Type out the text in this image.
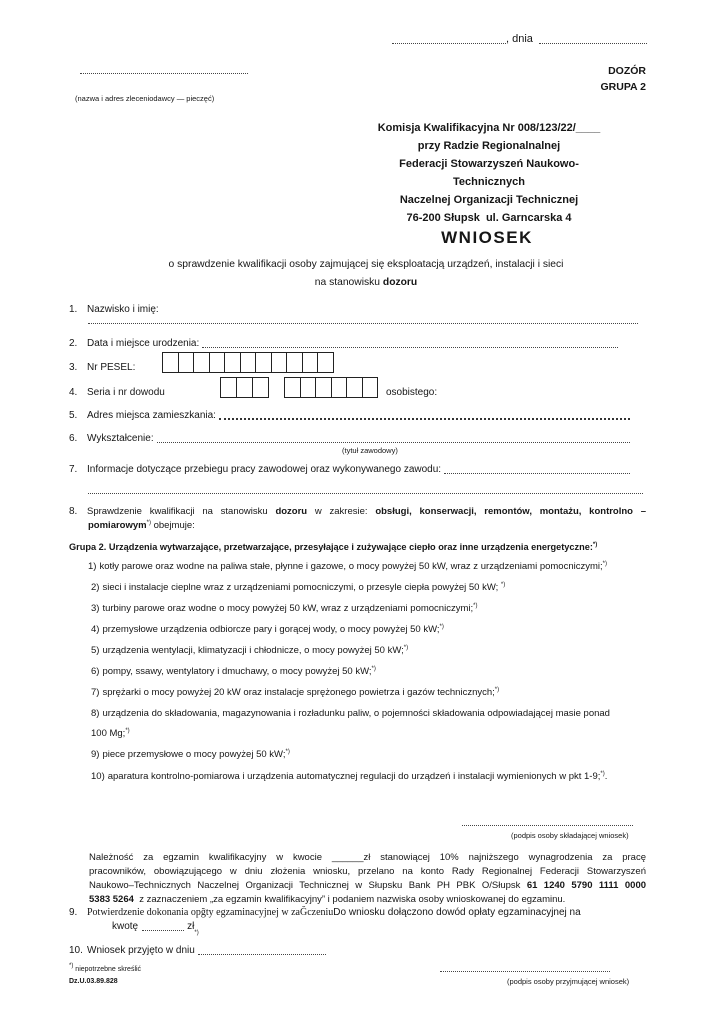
, dnia
(nazwa i adres zleceniodawcy — pieczęć)
DOZÓR
GRUPA 2
Komisja Kwalifikacyjna Nr 008/123/22/____
przy Radzie Regionalnalnej
Federacji Stowarzyszeń Naukowo-
Technicznych
Naczelnej Organizacji Technicznej
76-200 Słupsk  ul. Garncarska 4
WNIOSEK
o sprawdzenie kwalifikacji osoby zajmującej się eksploatacją urządzeń, instalacji i sieci
na stanowisku dozoru
1. Nazwisko i imię:
2. Data i miejsce urodzenia:
3. Nr PESEL:
4. Seria i nr dowodu	osobistego:
5. Adres miejsca zamieszkania:
6. Wykształcenie:
(tytuł zawodowy)
7. Informacje dotyczące przebiegu pracy zawodowej oraz wykonywanego zawodu:
8. Sprawdzenie kwalifikacji na stanowisku dozoru w zakresie: obsługi, konserwacji, remontów, montażu, kontrolno –
pomiarowym*) obejmuje:
Grupa 2. Urządzenia wytwarzające, przetwarzające, przesyłające i zużywające ciepło oraz inne urządzenia energetyczne:*)
1) kotły parowe oraz wodne na paliwa stałe, płynne i gazowe, o mocy powyżej 50 kW, wraz z urządzeniami pomocniczymi;*)
2) sieci i instalacje cieplne wraz z urządzeniami pomocniczymi, o przesyle ciepła powyżej 50 kW; *)
3) turbiny parowe oraz wodne o mocy powyżej 50 kW, wraz z urządzeniami pomocniczymi;*)
4) przemysłowe urządzenia odbiorcze pary i gorącej wody, o mocy powyżej 50 kW;*)
5) urządzenia wentylacji, klimatyzacji i chłodnicze, o mocy powyżej 50 kW;*)
6) pompy, ssawy, wentylatory i dmuchawy, o mocy powyżej 50 kW;*)
7) sprężarki o mocy powyżej 20 kW oraz instalacje sprężonego powietrza i gazów technicznych;*)
8) urządzenia do składowania, magazynowania i rozładunku paliw, o pojemności składowania odpowiadającej masie ponad
100 Mg;*)
9) piece przemysłowe o mocy powyżej 50 kW;*)
10) aparatura kontrolno-pomiarowa i urządzenia automatycznej regulacji do urządzeń i instalacji wymienionych w pkt 1-9;*).
(podpis osoby składającej wniosek)
Należność za egzamin kwalifikacyjny w kwocie ______zł stanowiącej 10% najniższego wynagrodzenia za pracę
pracowników, obowiązującego w dniu złożenia wniosku, przelano na konto Rady Regionalnej Federacji Stowarzyszeń
Naukowo–Technicznych Naczelnej Organizacji Technicznej w Słupsku Bank PH PBK O/Słupsk 61 1240 5790 1111 0000
5383 5264 z zaznaczeniem „za egzamin kwalifikacyjny” i podaniem nazwiska osoby wnioskowanej do egzaminu.
9. Potwierdzenie dokonania opğty egzaminacyjnej w zaĞczeniuDo wniosku dołączono dowód opłaty egzaminacyjnej na
kwotę	zł
*)
10. Wniosek przyjęto w dniu
*) niepotrzebne skreślić
Dz.U.03.89.828	(podpis osoby przyjmującej wniosek)
